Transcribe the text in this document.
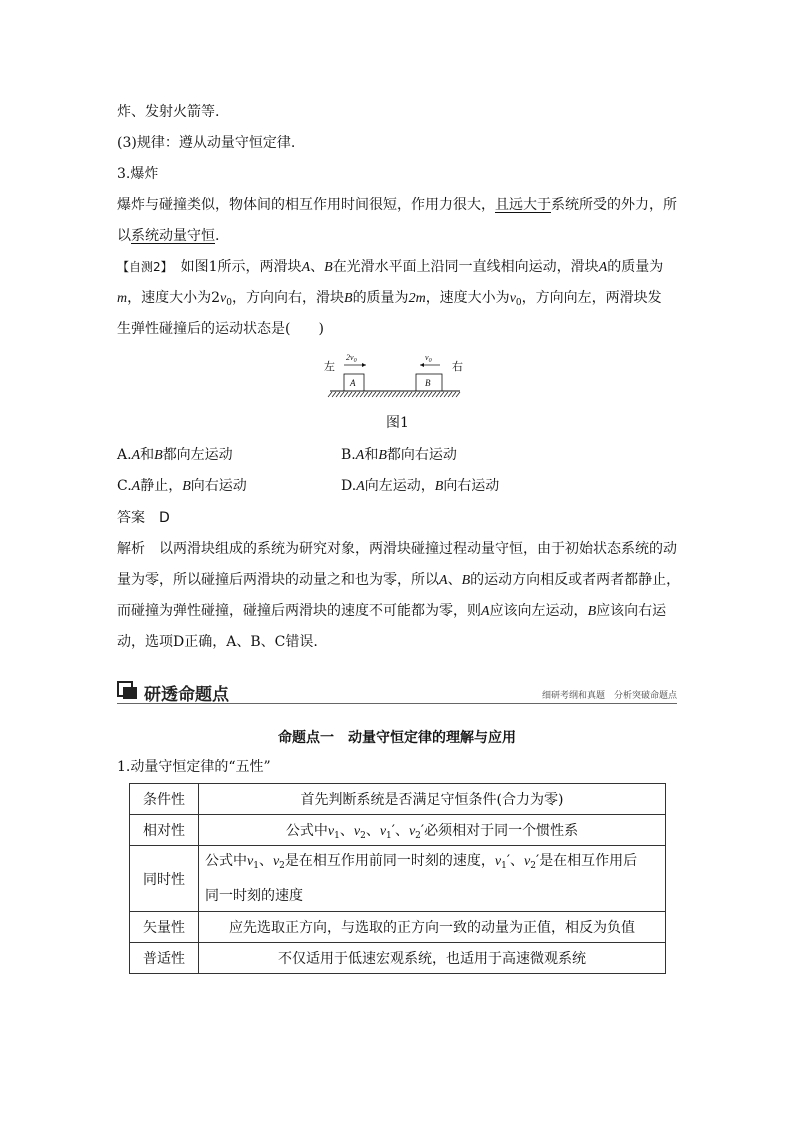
炸、发射火箭等.
(3)规律：遵从动量守恒定律.
3.爆炸
爆炸与碰撞类似，物体间的相互作用时间很短，作用力很大，且远大于系统所受的外力，所
以系统动量守恒.
【自测2】　 如图1所示，两滑块A、B在光滑水平面上沿同一直线相向运动，滑块A的质量为
m，速度大小为$2v_0$，方向向右，滑块B的质量为2m，速度大小为$v_0$，方向向左，两滑块发
生弹性碰撞后的运动状态是(　　)
左	右
$2v_0$	$v_0$
A	B
图1
A.A和B都向左运动	B.A和B都向右运动
C.A静止，B向右运动	D.A向左运动，B向右运动
答案　 D
解析　 以两滑块组成的系统为研究对象，两滑块碰撞过程动量守恒，由于初始状态系统的动
量为零，所以碰撞后两滑块的动量之和也为零，所以A、B的运动方向相反或者两者都静止，
而碰撞为弹性碰撞，碰撞后两滑块的速度不可能都为零，则A应该向左运动，B应该向右运
动，选项D正确，A、B、C错误.
研透命题点	细研考纲和真题　分析突破命题点
命题点一　动量守恒定律的理解与应用
1.动量守恒定律的“五性”
条件性	首先判断系统是否满足守恒条件(合力为零)
相对性	公式中$v_1$、$v_2$、$v_1'$、$v_2'$必须相对于同一个惯性系
同时性	公式中$v_1$、$v_2$是在相互作用前同一时刻的速度，$v_1'$、$v_2'$是在相互作用后
同一时刻的速度
矢量性	应先选取正方向，与选取的正方向一致的动量为正值，相反为负值
普适性	不仅适用于低速宏观系统，也适用于高速微观系统
